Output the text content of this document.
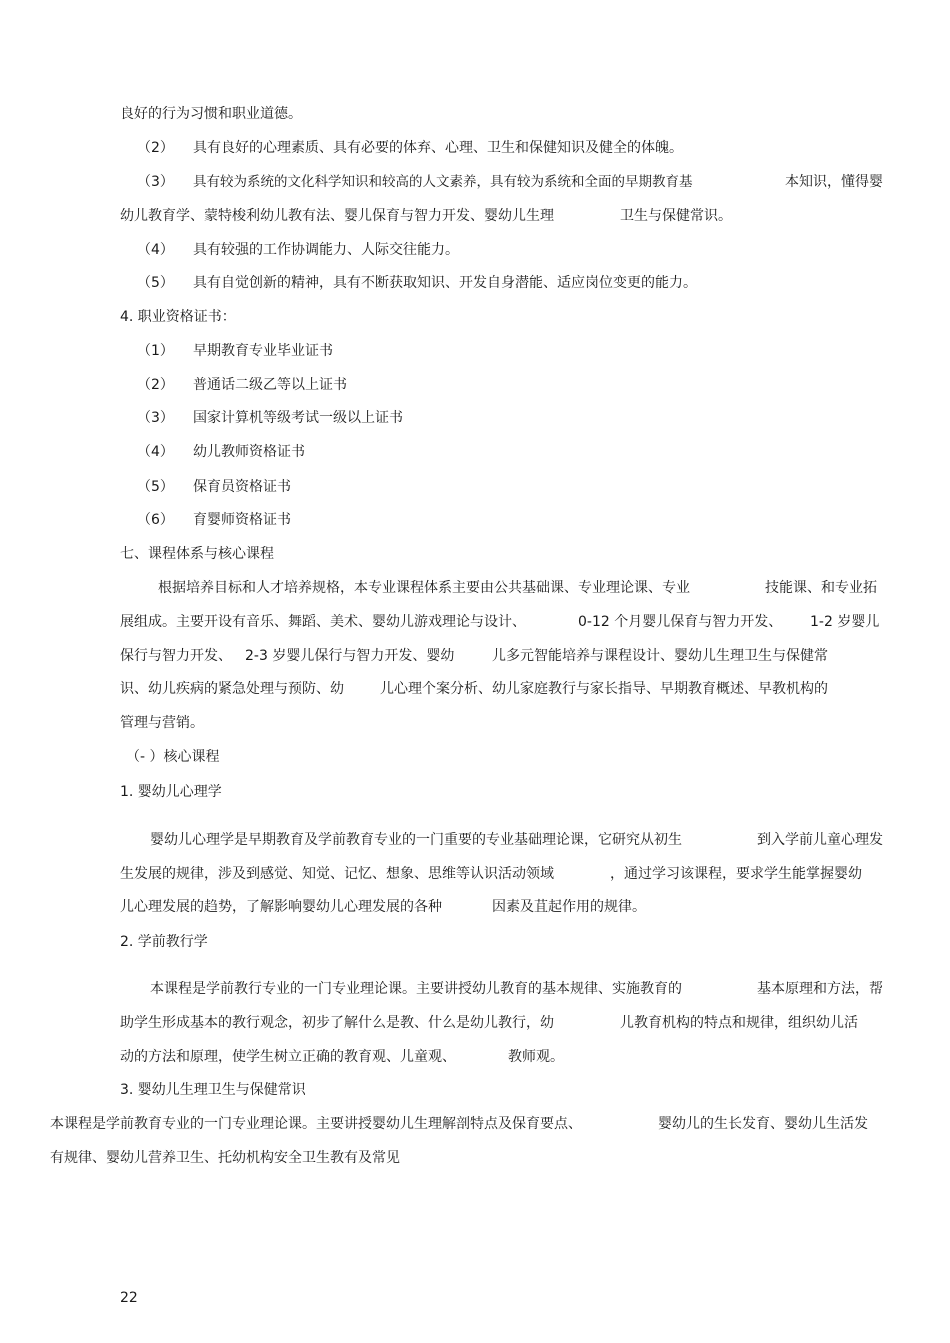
良好的行为习惯和职业道德。
（2） 具有良好的心理素质、具有必要的体弃、心理、卫生和保健知识及健全的体魄。
（3） 具有较为系统的文化科学知识和较高的人文素养，具有较为系统和全面的早期教育基	本知识，懂得婴
幼儿教育学、蒙特梭利幼儿教有法、婴儿保育与智力开发、婴幼儿生理	卫生与保健常识。
（4） 具有较强的工作协调能力、人际交往能力。
（5） 具有自觉创新的精神，具有不断获取知识、开发自身潜能、适应岗位变更的能力。
4. 职业资格证书：
（1） 早期教育专业毕业证书
（2） 普通话二级乙等以上证书
（3） 国家计算机等级考试一级以上证书
（4） 幼儿教师资格证书
（5） 保育员资格证书
（6） 育婴师资格证书
七、课程体系与核心课程
根据培养目标和人才培养规格，本专业课程体系主要由公共基础课、专业理论课、专业	技能课、和专业拓
展组成。主要开设有音乐、舞蹈、美术、婴幼儿游戏理论与设计、	0-12 个月婴儿保育与智力开发、 1-2 岁婴儿
保行与智力开发、 2-3 岁婴儿保行与智力开发、婴幼	儿多元智能培养与课程设计、婴幼儿生理卫生与保健常
识、幼儿疾病的紧急处理与预防、幼	儿心理个案分析、幼儿家庭教行与家长指导、早期教育概述、早教机构的
管理与营销。
（- ）核心课程
1. 婴幼儿心理学
婴幼儿心理学是早期教育及学前教育专业的一门重要的专业基础理论课，它研究从初生	到入学前儿童心理发
生发展的规律，涉及到感觉、知觉、记忆、想象、思维等认识活动领域	，通过学习该课程，要求学生能掌握婴幼
儿心理发展的趋势，了解影响婴幼儿心理发展的各种	因素及苴起作用的规律。
2. 学前教行学
本课程是学前教行专业的一门专业理论课。主要讲授幼儿教育的基本规律、实施教育的	基本原理和方法，帮
助学生形成基本的教行观念，初步了解什么是教、什么是幼儿教行，幼	儿教育机构的特点和规律，组织幼儿活
动的方法和原理，使学生树立正确的教育观、儿童观、	教师观。
3. 婴幼儿生理卫生与保健常识
本课程是学前教育专业的一门专业理论课。主要讲授婴幼儿生理解剖特点及保育要点、	婴幼儿的生长发育、婴幼儿生活发
有规律、婴幼儿营养卫生、托幼机构安全卫生教有及常见
22
